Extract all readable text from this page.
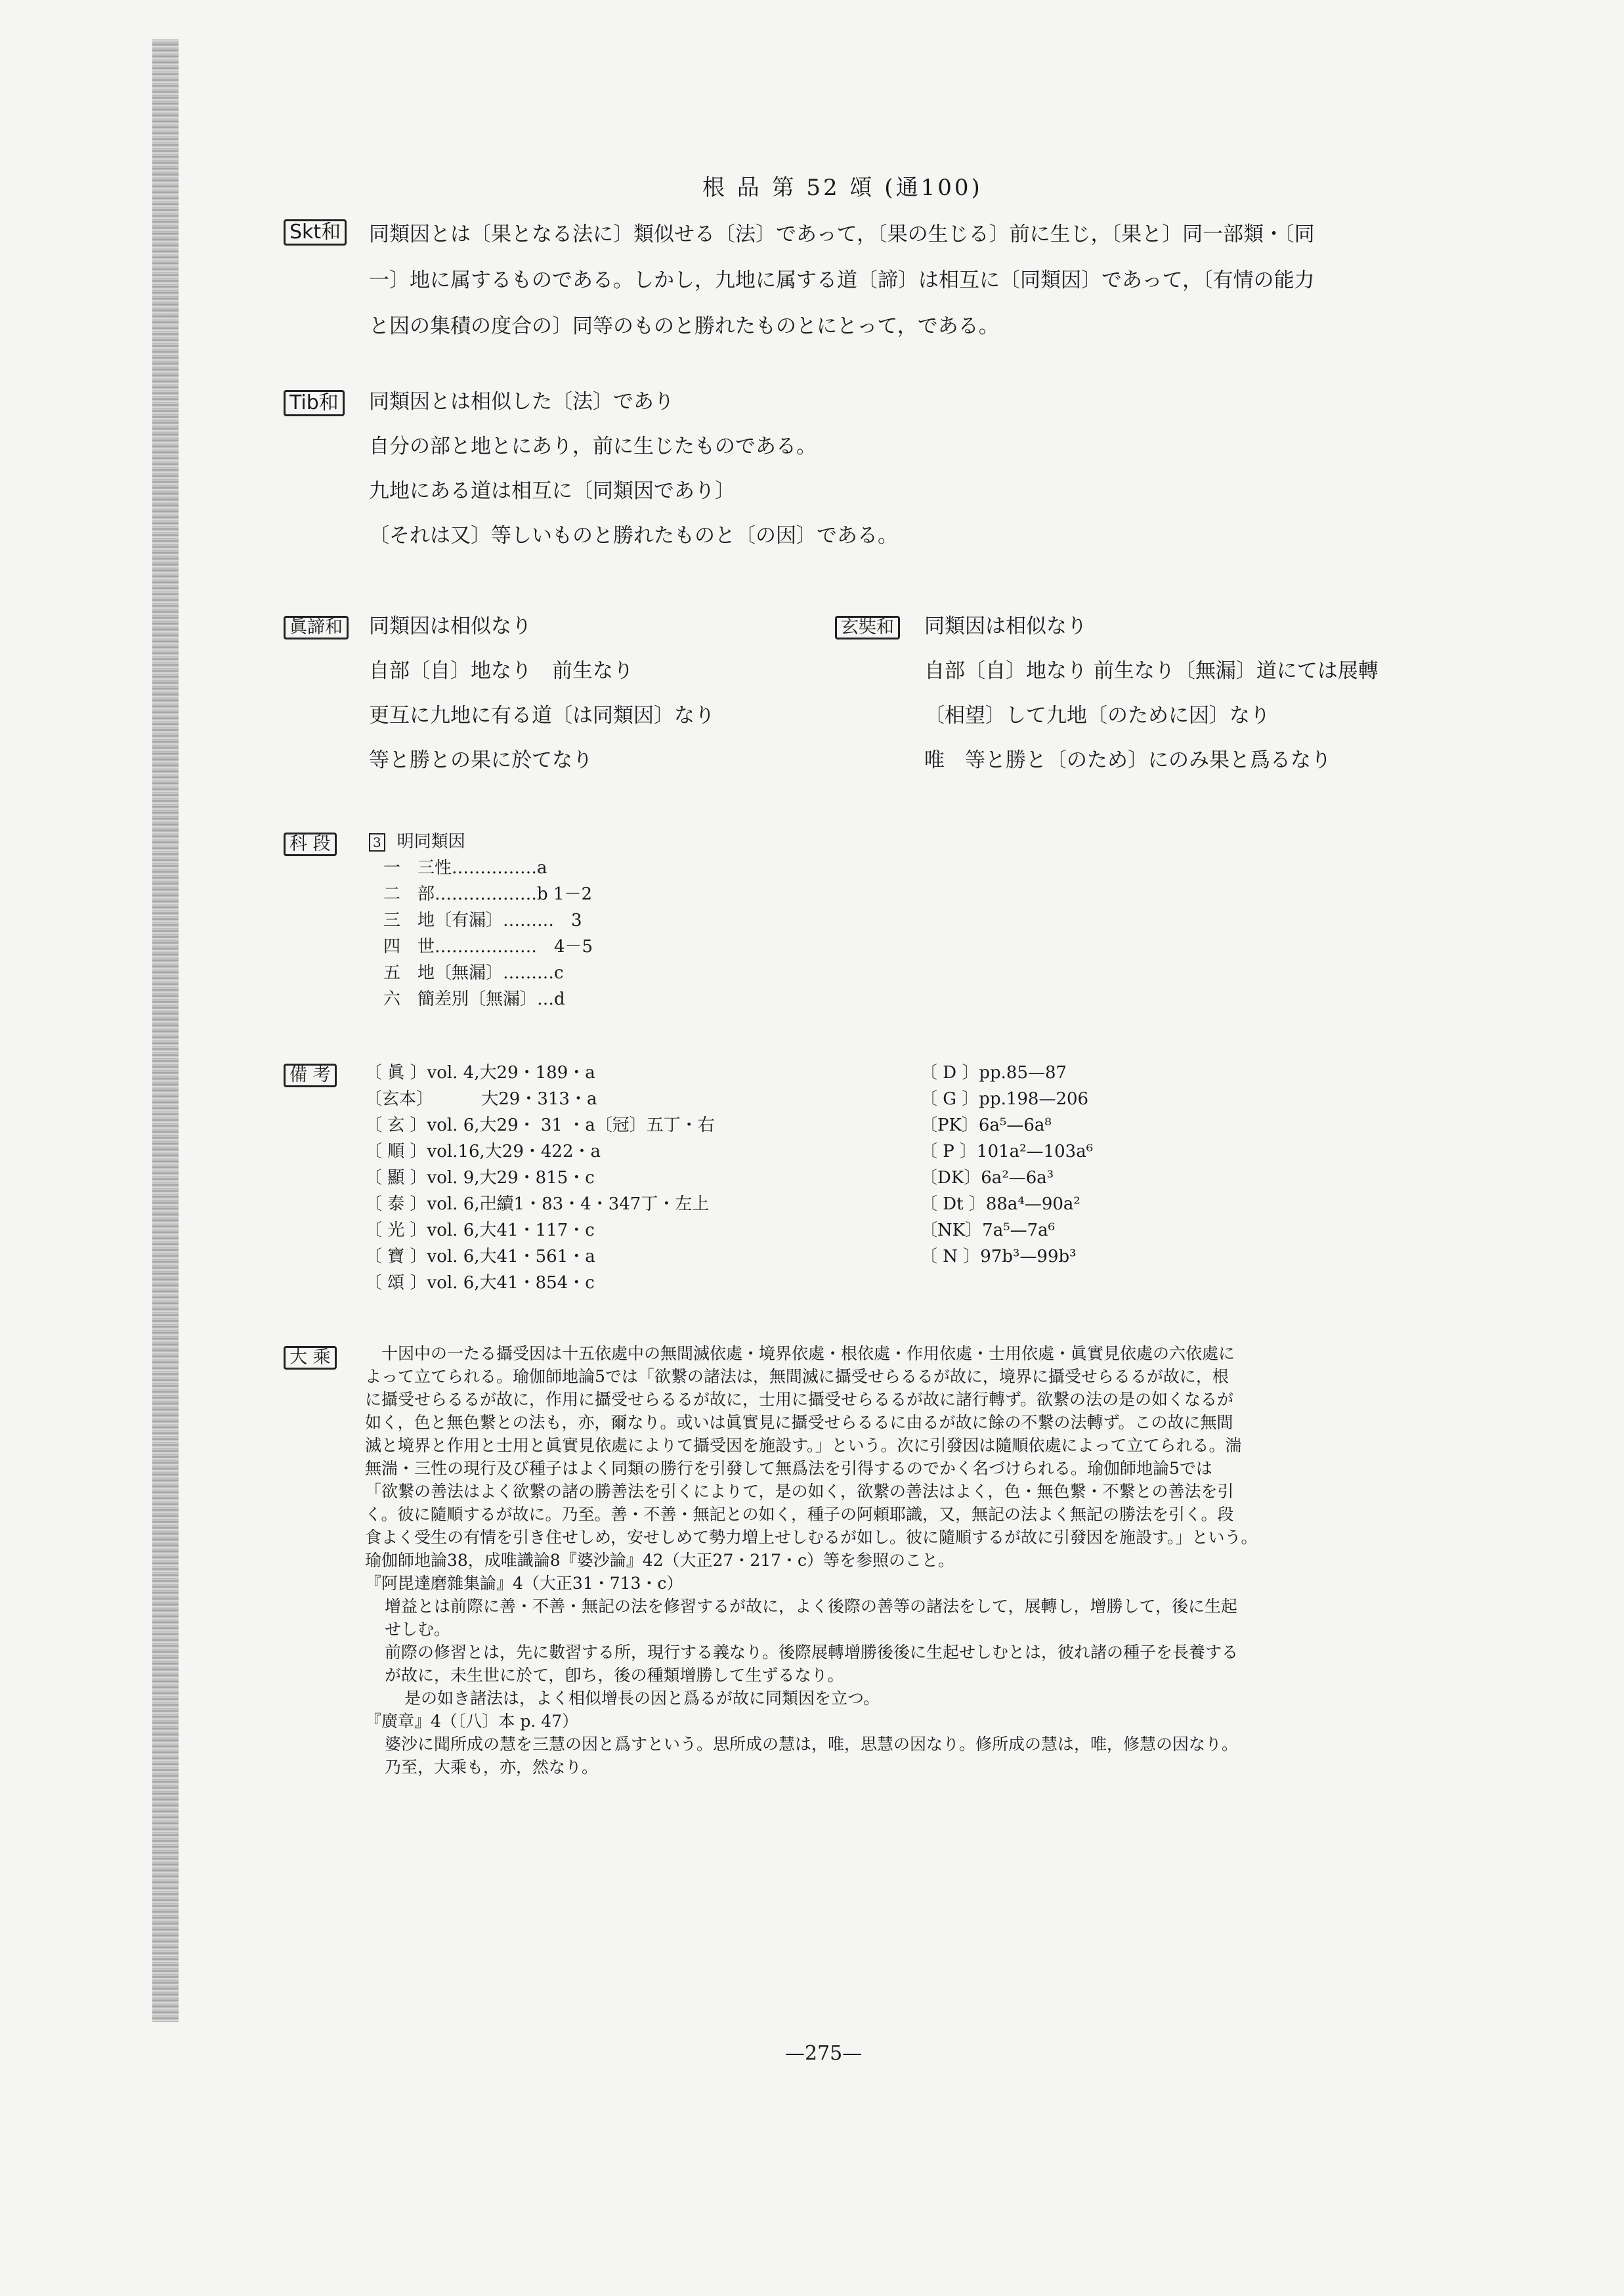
根 品 第 52 頌 (通100)
Skt和 同類因とは〔果となる法に〕類似せる〔法〕であって，〔果の生じる〕前に生じ，〔果と〕同一部類・〔同
一〕地に属するものである。しかし，九地に属する道〔諦〕は相互に〔同類因〕であって，〔有情の能力
と因の集積の度合の〕同等のものと勝れたものとにとって，である。
Tib和 同類因とは相似した〔法〕であり
自分の部と地とにあり，前に生じたものである。
九地にある道は相互に〔同類因であり〕
〔それは又〕等しいものと勝れたものと〔の因〕である。
眞諦和 同類因は相似なり
自部〔自〕地なり　前生なり
更互に九地に有る道〔は同類因〕なり
等と勝との果に於てなり
玄奘和 同類因は相似なり
自部〔自〕地なり 前生なり〔無漏〕道にては展轉
〔相望〕して九地〔のために因〕なり
唯　等と勝と〔のため〕にのみ果と爲るなり
科 段	3 明同類因
一　三性……………a
二　部………………b 1－2
三　地〔有漏〕………　3
四　世………………　4－5
五　地〔無漏〕………c
六　簡差別〔無漏〕…d
備 考	〔 眞 〕vol. 4,大29・189・a
〔玄本〕　　　 大29・313・a
〔 玄 〕vol. 6,大29・ 31 ・a〔冠〕五丁・右
〔 順 〕vol.16,大29・422・a
〔 顯 〕vol. 9,大29・815・c
〔 泰 〕vol. 6,卍續1・83・4・347丁・左上
〔 光 〕vol. 6,大41・117・c
〔 寶 〕vol. 6,大41・561・a
〔 頌 〕vol. 6,大41・854・c
〔 D 〕pp.85—87
〔 G 〕pp.198—206
〔PK〕6a⁵—6a⁸
〔 P 〕101a²—103a⁶
〔DK〕6a²—6a³
〔 Dt 〕88a⁴—90a²
〔NK〕7a⁵—7a⁶
〔 N 〕97b³—99b³
大 乘	　十因中の一たる攝受因は十五依處中の無間滅依處・境界依處・根依處・作用依處・士用依處・眞實見依處の六依處に
よって立てられる。瑜伽師地論5では「欲繋の諸法は，無間滅に攝受せらるるが故に，境界に攝受せらるるが故に，根
に攝受せらるるが故に，作用に攝受せらるるが故に，士用に攝受せらるるが故に諸行轉ず。欲繋の法の是の如くなるが
如く，色と無色繋との法も，亦，爾なり。或いは眞實見に攝受せらるるに由るが故に餘の不繋の法轉ず。この故に無間
滅と境界と作用と士用と眞實見依處によりて攝受因を施設す。」という。次に引發因は隨順依處によって立てられる。湍
無湍・三性の現行及び種子はよく同類の勝行を引發して無爲法を引得するのでかく名づけられる。瑜伽師地論5では
「欲繋の善法はよく欲繋の諸の勝善法を引くによりて，是の如く，欲繋の善法はよく，色・無色繋・不繋との善法を引
く。彼に隨順するが故に。乃至。善・不善・無記との如く，種子の阿頼耶識，又，無記の法よく無記の勝法を引く。段
食よく受生の有情を引き住せしめ，安せしめて勢力増上せしむるが如し。彼に隨順するが故に引發因を施設す。」という。
瑜伽師地論38，成唯識論8『婆沙論』42（大正27・217・c）等を参照のこと。
『阿毘達磨雜集論』4（大正31・713・c）
增益とは前際に善・不善・無記の法を修習するが故に，よく後際の善等の諸法をして，展轉し，增勝して，後に生起
せしむ。
前際の修習とは，先に數習する所，現行する義なり。後際展轉增勝後後に生起せしむとは，彼れ諸の種子を長養する
が故に，未生世に於て，卽ち，後の種類增勝して生ずるなり。
是の如き諸法は，よく相似增長の因と爲るが故に同類因を立つ。
『廣章』4（〔八〕本 p. 47）
婆沙に聞所成の慧を三慧の因と爲すという。思所成の慧は，唯，思慧の因なり。修所成の慧は，唯，修慧の因なり。
乃至，大乘も，亦，然なり。
—275—
